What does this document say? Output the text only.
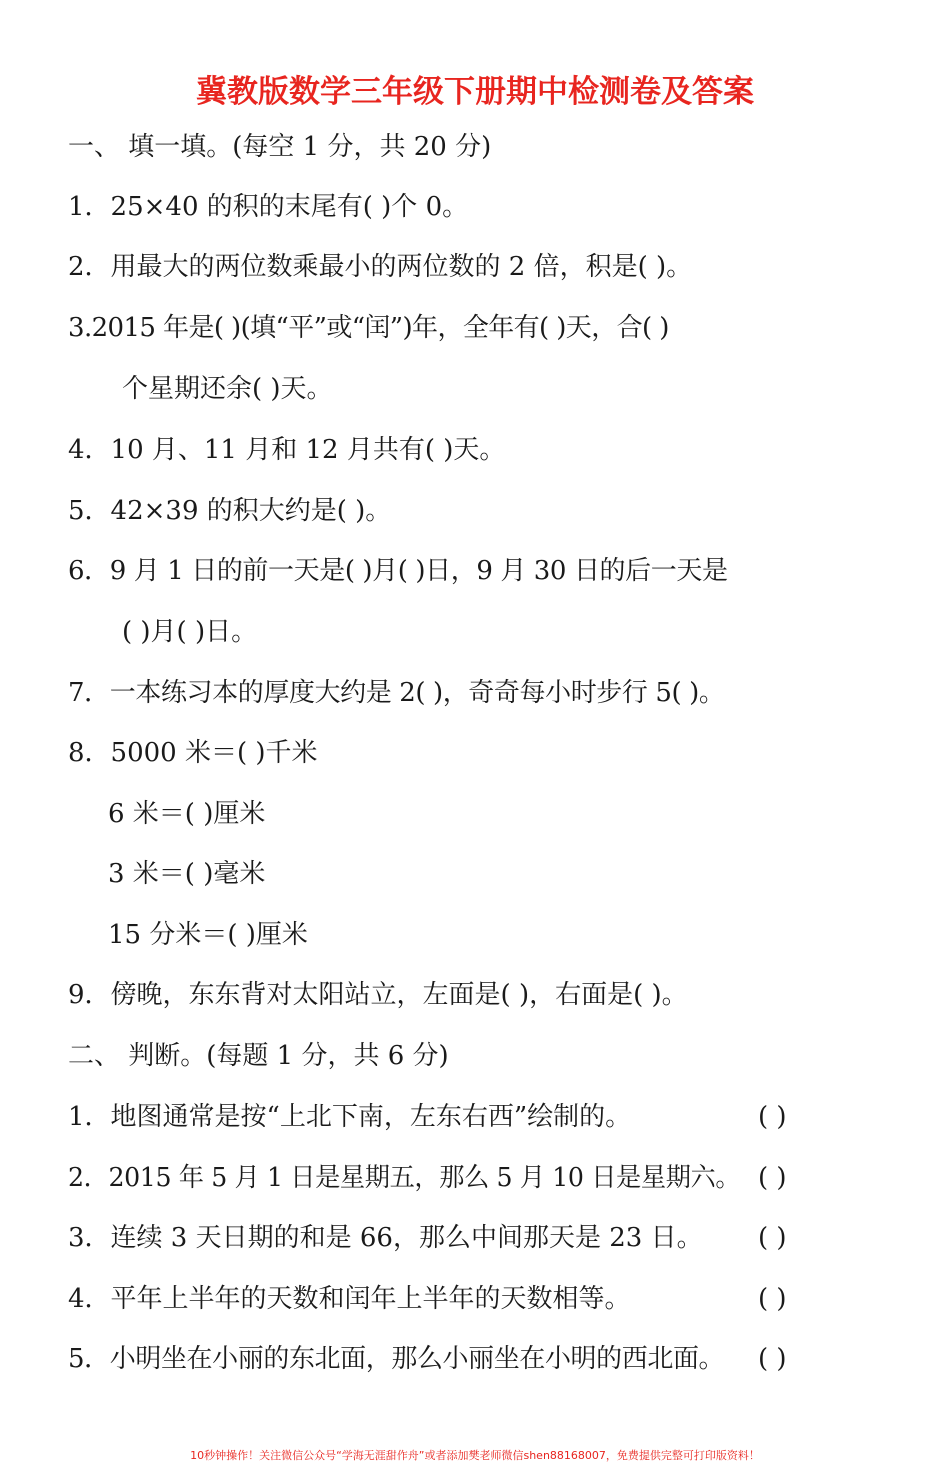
冀教版数学三年级下册期中检测卷及答案
一、 填一填。(每空 1 分，共 20 分)
1．25×40 的积的末尾有( )个 0。
2．用最大的两位数乘最小的两位数的 2 倍，积是( )。
3.2015 年是( )(填“平”或“闰”)年，全年有( )天，合( )
个星期还余( )天。
4．10 月、11 月和 12 月共有( )天。
5．42×39 的积大约是( )。
6．9 月 1 日的前一天是( )月( )日，9 月 30 日的后一天是
( )月( )日。
7．一本练习本的厚度大约是 2( )，奇奇每小时步行 5( )。
8．5000 米＝( )千米
6 米＝( )厘米
3 米＝( )毫米
15 分米＝( )厘米
9．傍晚，东东背对太阳站立，左面是( )，右面是( )。
二、 判断。(每题 1 分，共 6 分)
1．地图通常是按“上北下南，左东右西”绘制的。	( )
2．2015 年 5 月 1 日是星期五，那么 5 月 10 日是星期六。 ( )
3．连续 3 天日期的和是 66，那么中间那天是 23 日。 ( )
4．平年上半年的天数和闰年上半年的天数相等。	( )
5．小明坐在小丽的东北面，那么小丽坐在小明的西北面。 ( )
10秒钟操作！关注微信公众号“学海无涯甜作舟”或者添加樊老师微信shen88168007，免费提供完整可打印版资料！
